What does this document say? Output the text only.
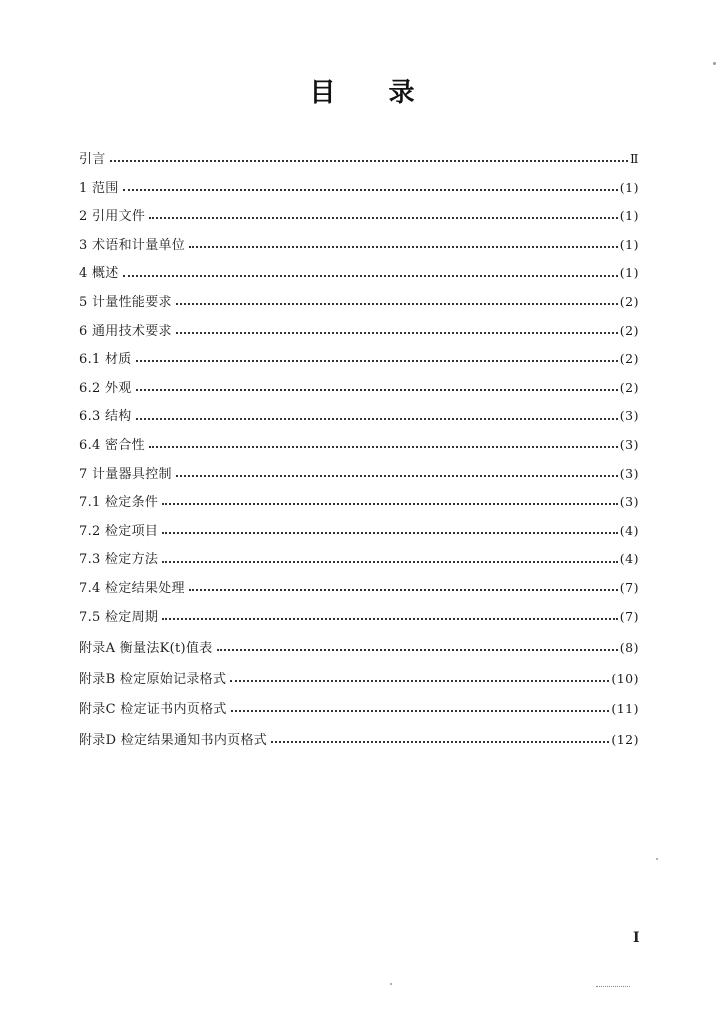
目 录
引言	Ⅱ
1 范围	(1)
2 引用文件	(1)
3 术语和计量单位	(1)
4 概述	(1)
5 计量性能要求	(2)
6 通用技术要求	(2)
6.1 材质	(2)
6.2 外观	(2)
6.3 结构	(3)
6.4 密合性	(3)
7 计量器具控制	(3)
7.1 检定条件	(3)
7.2 检定项目	(4)
7.3 检定方法	(4)
7.4 检定结果处理	(7)
7.5 检定周期	(7)
附录A 衡量法K(t)值表	(8)
附录B 检定原始记录格式	(10)
附录C 检定证书内页格式	(11)
附录D 检定结果通知书内页格式	(12)
I
